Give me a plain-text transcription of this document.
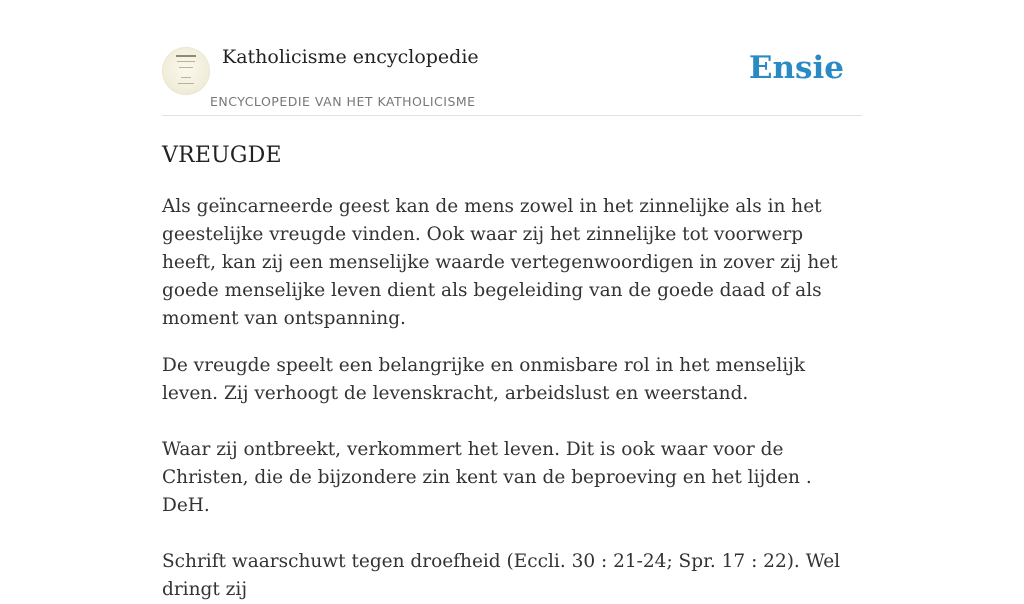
Katholicisme encyclopedie
ENCYCLOPEDIE VAN HET KATHOLICISME
Ensie
VREUGDE

Als geïncarneerde geest kan de mens zowel in het zinnelijke als in het geestelijke vreugde vinden. Ook waar zij het zinnelijke tot voorwerp heeft, kan zij een menselijke waarde vertegenwoordigen in zover zij het goede menselijke leven dient als begeleiding van de goede daad of als moment van ontspanning.

De vreugde speelt een belangrijke en onmisbare rol in het menselijk leven. Zij verhoogt de levenskracht, arbeidslust en weerstand.

Waar zij ontbreekt, verkommert het leven. Dit is ook waar voor de Christen, die de bijzondere zin kent van de beproeving en het lijden . DeH.

Schrift waarschuwt tegen droefheid (Eccli. 30 : 21-24; Spr. 17 : 22). Wel dringt zij
